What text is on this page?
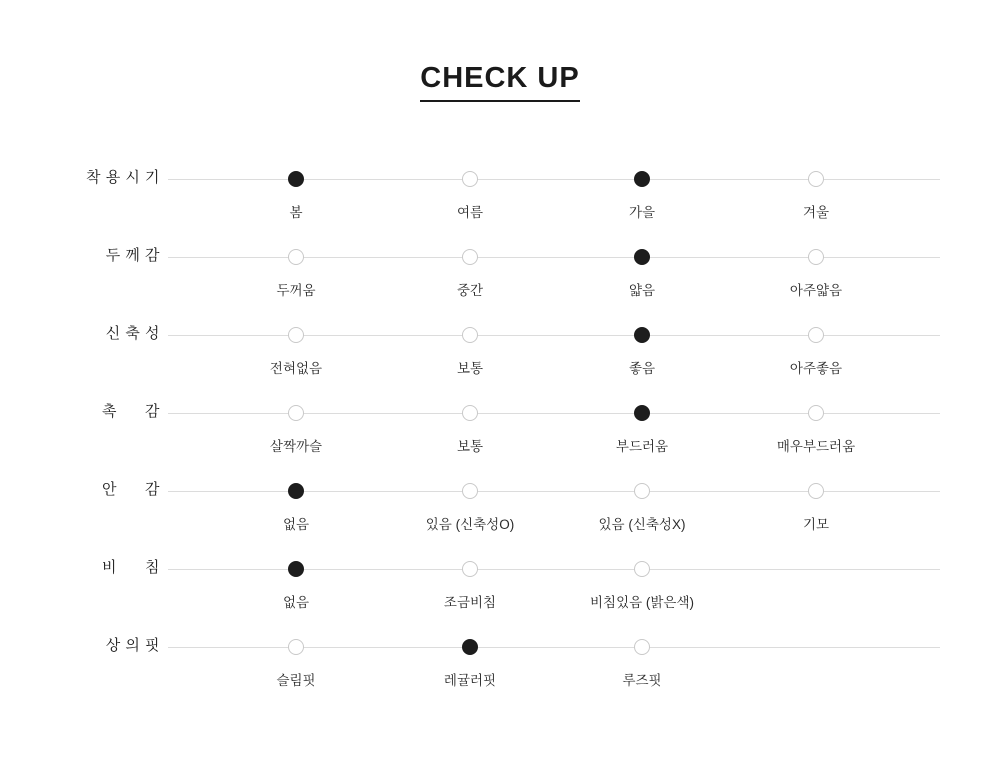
CHECK UP
착 용 시 기
봄	여름	가을	겨울
두 께 감
두꺼움	중간	얇음	아주얇음
신 축 성
전혀없음	보통	좋음	아주좋음
촉      감
살짝까슬	보통	부드러움	매우부드러움
안      감
없음	있음 (신축성O)	있음 (신축성X)	기모
비      침
없음	조금비침	비침있음 (밝은색)
상 의 핏
슬림핏	레귤러핏	루즈핏
